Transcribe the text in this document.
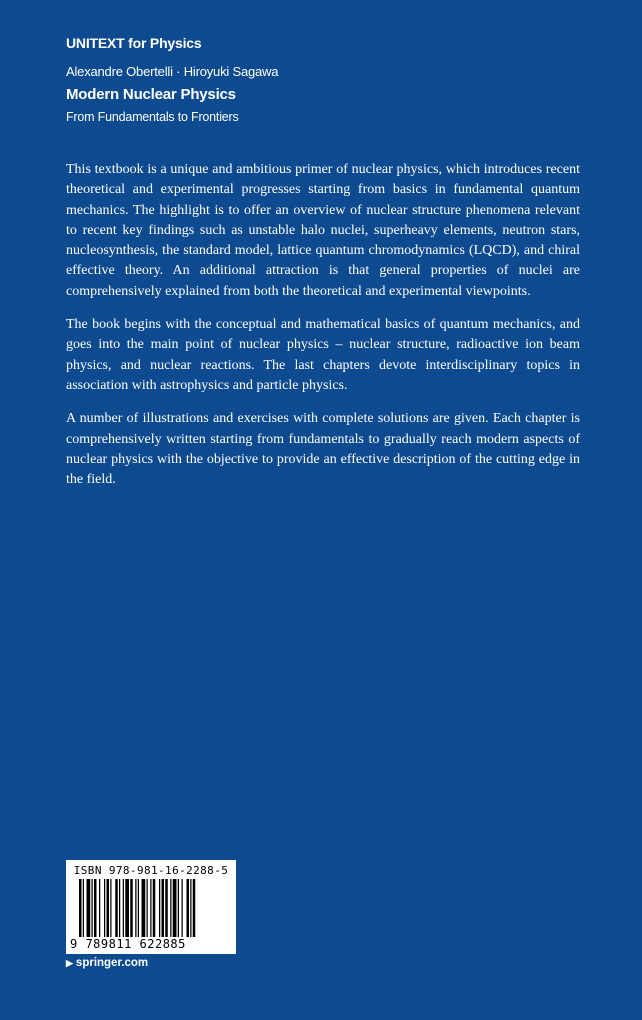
UNITEXT for Physics
Alexandre Obertelli · Hiroyuki Sagawa
Modern Nuclear Physics
From Fundamentals to Frontiers

This textbook is a unique and ambitious primer of nuclear physics, which introduces recent theoretical and experimental progresses starting from basics in fundamental quantum mechanics. The highlight is to offer an overview of nuclear structure phenomena relevant to recent key findings such as unstable halo nuclei, superheavy elements, neutron stars, nucleosynthesis, the standard model, lattice quantum chromodynamics (LQCD), and chiral effective theory. An additional attraction is that general properties of nuclei are comprehensively explained from both the theoretical and experimental viewpoints.

The book begins with the conceptual and mathematical basics of quantum mechanics, and goes into the main point of nuclear physics – nuclear structure, radioactive ion beam physics, and nuclear reactions. The last chapters devote interdisciplinary topics in association with astrophysics and particle physics.

A number of illustrations and exercises with complete solutions are given. Each chapter is comprehensively written starting from fundamentals to gradually reach modern aspects of nuclear physics with the objective to provide an effective description of the cutting edge in the field.

ISBN 978-981-16-2288-5
9 789811 622885
▶ springer.com
